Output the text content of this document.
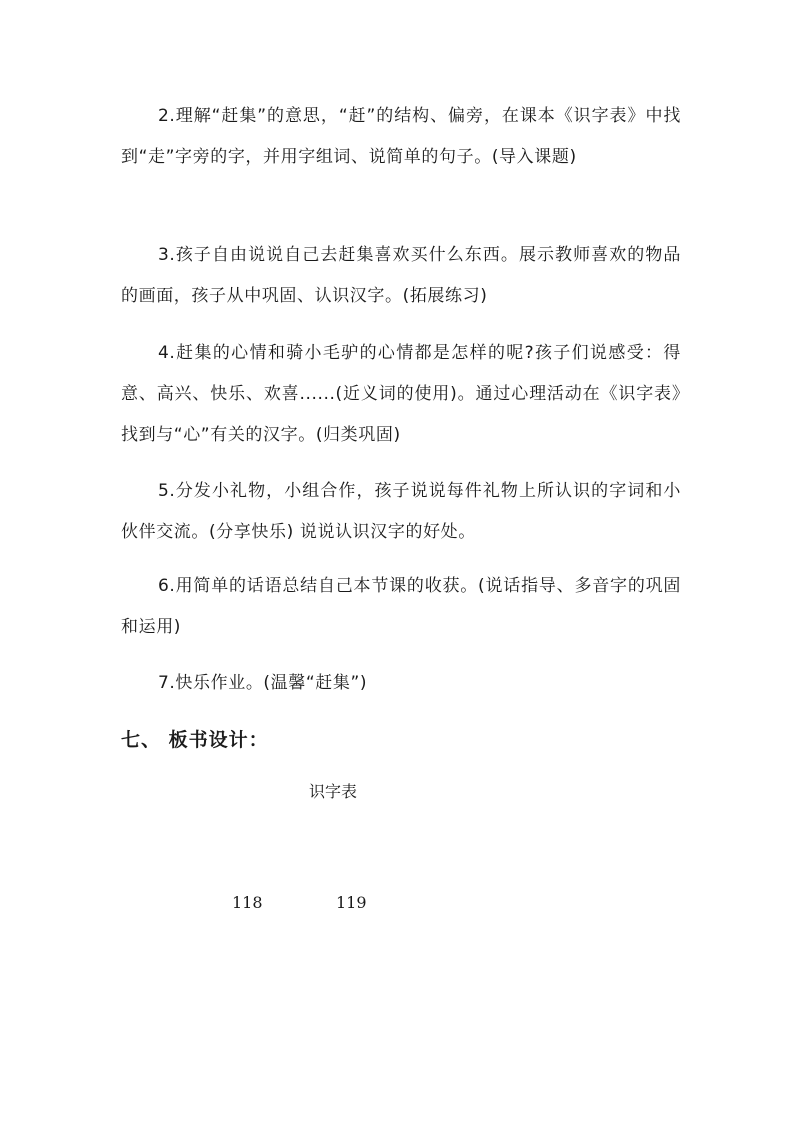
2.理解“赶集”的意思，“赶”的结构、偏旁，在课本《识字表》中找到“走”字旁的字，并用字组词、说简单的句子。(导入课题)

3.孩子自由说说自己去赶集喜欢买什么东西。展示教师喜欢的物品的画面，孩子从中巩固、认识汉字。(拓展练习)

4.赶集的心情和骑小毛驴的心情都是怎样的呢?孩子们说感受：得意、高兴、快乐、欢喜......(近义词的使用)。通过心理活动在《识字表》找到与“心”有关的汉字。(归类巩固)

5.分发小礼物，小组合作，孩子说说每件礼物上所认识的字词和小伙伴交流。(分享快乐) 说说认识汉字的好处。

6.用简单的话语总结自己本节课的收获。(说话指导、多音字的巩固和运用)

7.快乐作业。(温馨“赶集”)

七、 板书设计：
识字表
118	119
